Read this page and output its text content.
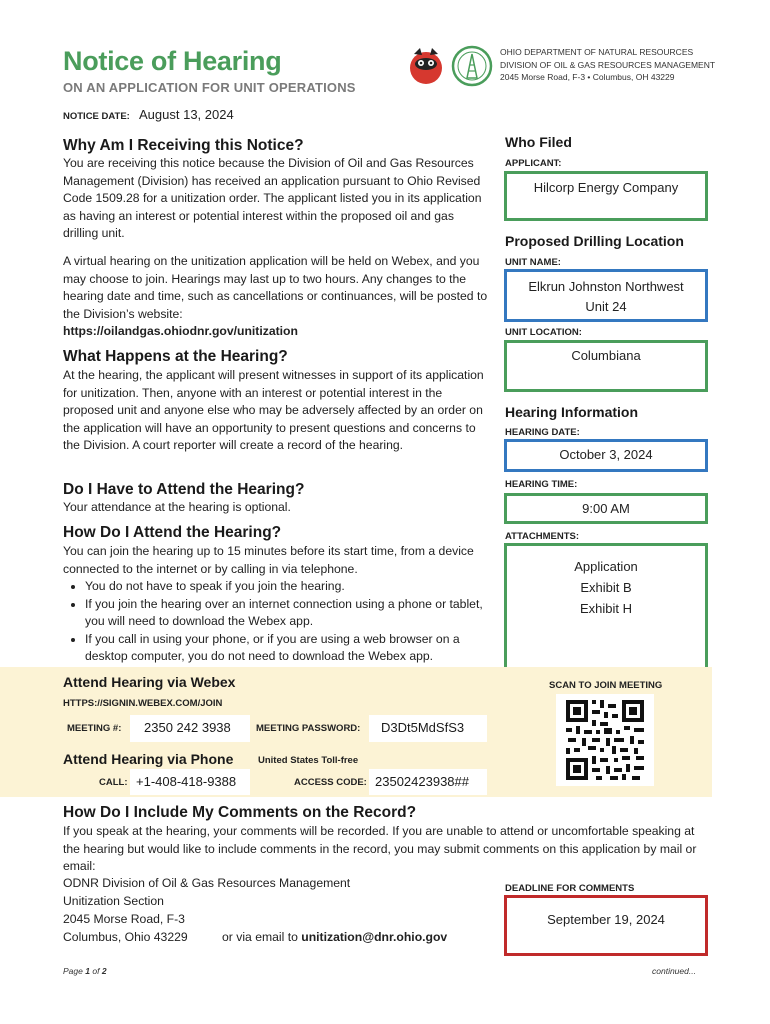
Notice of Hearing
ON AN APPLICATION FOR UNIT OPERATIONS
OHIO DEPARTMENT OF NATURAL RESOURCES
DIVISION OF OIL & GAS RESOURCES MANAGEMENT
2045 Morse Road, F-3 • Columbus, OH 43229
NOTICE DATE: August 13, 2024
Why Am I Receiving this Notice?
You are receiving this notice because the Division of Oil and Gas Resources Management (Division) has received an application pursuant to Ohio Revised Code 1509.28 for a unitization order. The applicant listed you in its application as having an interest or potential interest within the proposed oil and gas drilling unit.
A virtual hearing on the unitization application will be held on Webex, and you may choose to join. Hearings may last up to two hours. Any changes to the hearing date and time, such as cancellations or continuances, will be posted to the Division’s website:
https://oilandgas.ohiodnr.gov/unitization
What Happens at the Hearing?
At the hearing, the applicant will present witnesses in support of its application for unitization. Then, anyone with an interest or potential interest in the proposed unit and anyone else who may be adversely affected by an order on the application will have an opportunity to present questions and concerns to the Division. A court reporter will create a record of the hearing.
Do I Have to Attend the Hearing?
Your attendance at the hearing is optional.
How Do I Attend the Hearing?
You can join the hearing up to 15 minutes before its start time, from a device connected to the internet or by calling in via telephone.
• You do not have to speak if you join the hearing.
• If you join the hearing over an internet connection using a phone or tablet, you will need to download the Webex app.
• If you call in using your phone, or if you are using a web browser on a desktop computer, you do not need to download the Webex app.
Who Filed
APPLICANT:
Hilcorp Energy Company
Proposed Drilling Location
UNIT NAME:
Elkrun Johnston Northwest
Unit 24
UNIT LOCATION:
Columbiana
Hearing Information
HEARING DATE:
October 3, 2024
HEARING TIME:
9:00 AM
ATTACHMENTS:
Application
Exhibit B
Exhibit H
Attend Hearing via Webex
HTTPS://SIGNIN.WEBEX.COM/JOIN
MEETING #: 2350 242 3938	MEETING PASSWORD: D3Dt5MdSfS3
Attend Hearing via Phone	United States Toll-free
CALL: +1-408-418-9388	ACCESS CODE: 23502423938##
SCAN TO JOIN MEETING
How Do I Include My Comments on the Record?
If you speak at the hearing, your comments will be recorded. If you are unable to attend or uncomfortable speaking at the hearing but would like to include comments in the record, you may submit comments on this application by mail or email:
ODNR Division of Oil & Gas Resources Management
Unitization Section
2045 Morse Road, F-3
Columbus, Ohio 43229	or via email to unitization@dnr.ohio.gov
DEADLINE FOR COMMENTS
September 19, 2024
Page 1 of 2	continued...
